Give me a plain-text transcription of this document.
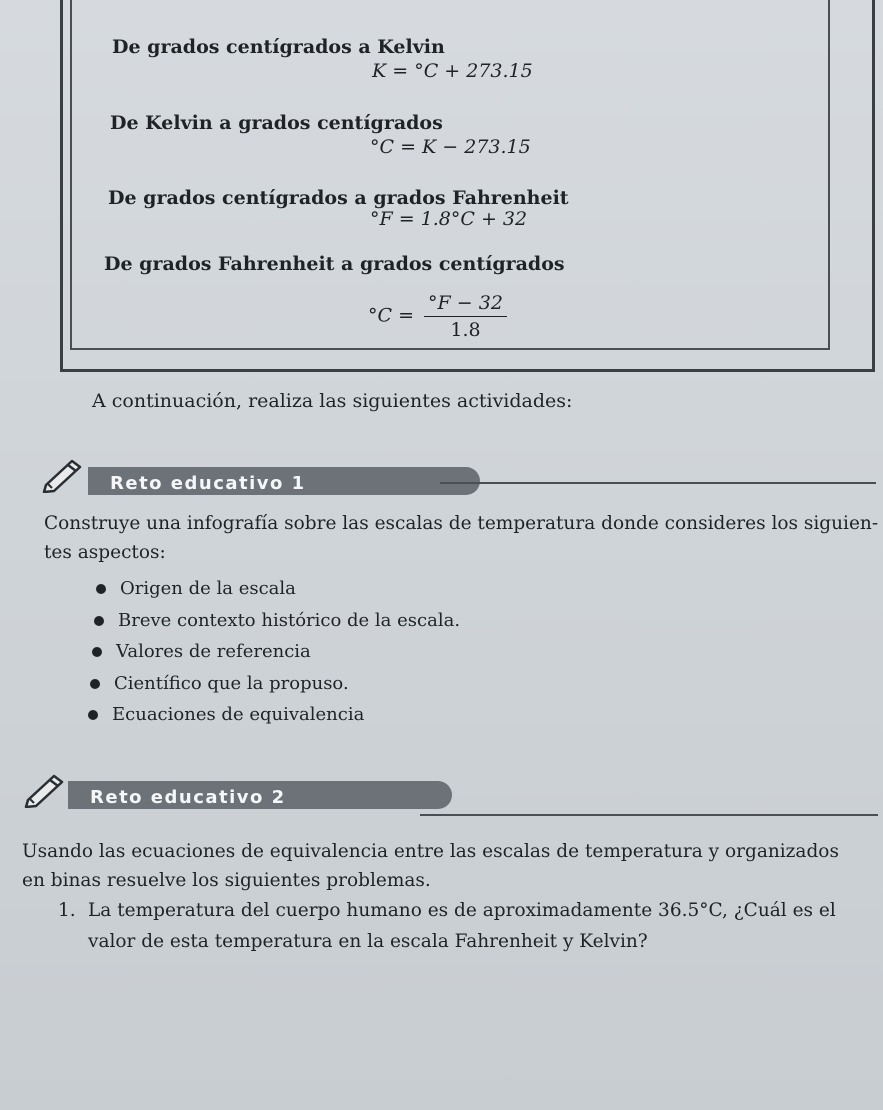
De grados centígrados a Kelvin
K = °C + 273.15
De Kelvin a grados centígrados
°C = K − 273.15
De grados centígrados a grados Fahrenheit
°F = 1.8°C + 32
De grados Fahrenheit a grados centígrados
$^\circ C = \frac{^\circ F - 32}{1.8}$
A continuación, realiza las siguientes actividades:
Reto educativo 1
Construye una infografía sobre las escalas de temperatura donde consideres los siguien-
tes aspectos:
Origen de la escala
Breve contexto histórico de la escala.
Valores de referencia
Científico que la propuso.
Ecuaciones de equivalencia
Reto educativo 2
Usando las ecuaciones de equivalencia entre las escalas de temperatura y organizados
en binas resuelve los siguientes problemas.
1. La temperatura del cuerpo humano es de aproximadamente 36.5°C, ¿Cuál es el
valor de esta temperatura en la escala Fahrenheit y Kelvin?
